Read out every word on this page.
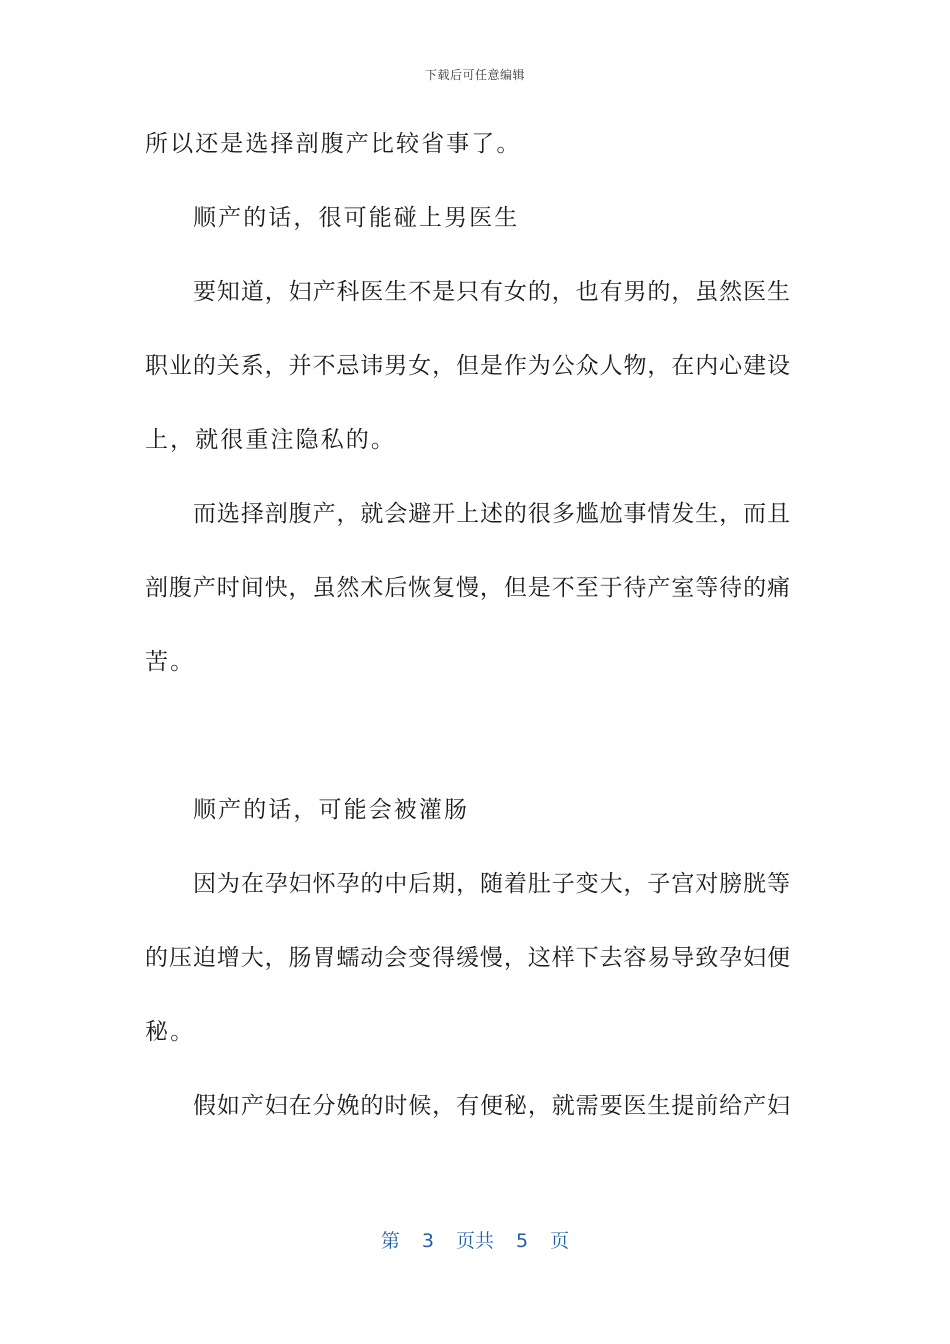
下载后可任意编辑
所以还是选择剖腹产比较省事了。
顺产的话，很可能碰上男医生
要知道，妇产科医生不是只有女的，也有男的，虽然医生
职业的关系，并不忌讳男女，但是作为公众人物，在内心建设
上，就很重注隐私的。
而选择剖腹产，就会避开上述的很多尴尬事情发生，而且
剖腹产时间快，虽然术后恢复慢，但是不至于待产室等待的痛
苦。
顺产的话，可能会被灌肠
因为在孕妇怀孕的中后期，随着肚子变大，子宫对膀胱等
的压迫增大，肠胃蠕动会变得缓慢，这样下去容易导致孕妇便
秘。
假如产妇在分娩的时候，有便秘，就需要医生提前给产妇
第 3 页共 5 页
